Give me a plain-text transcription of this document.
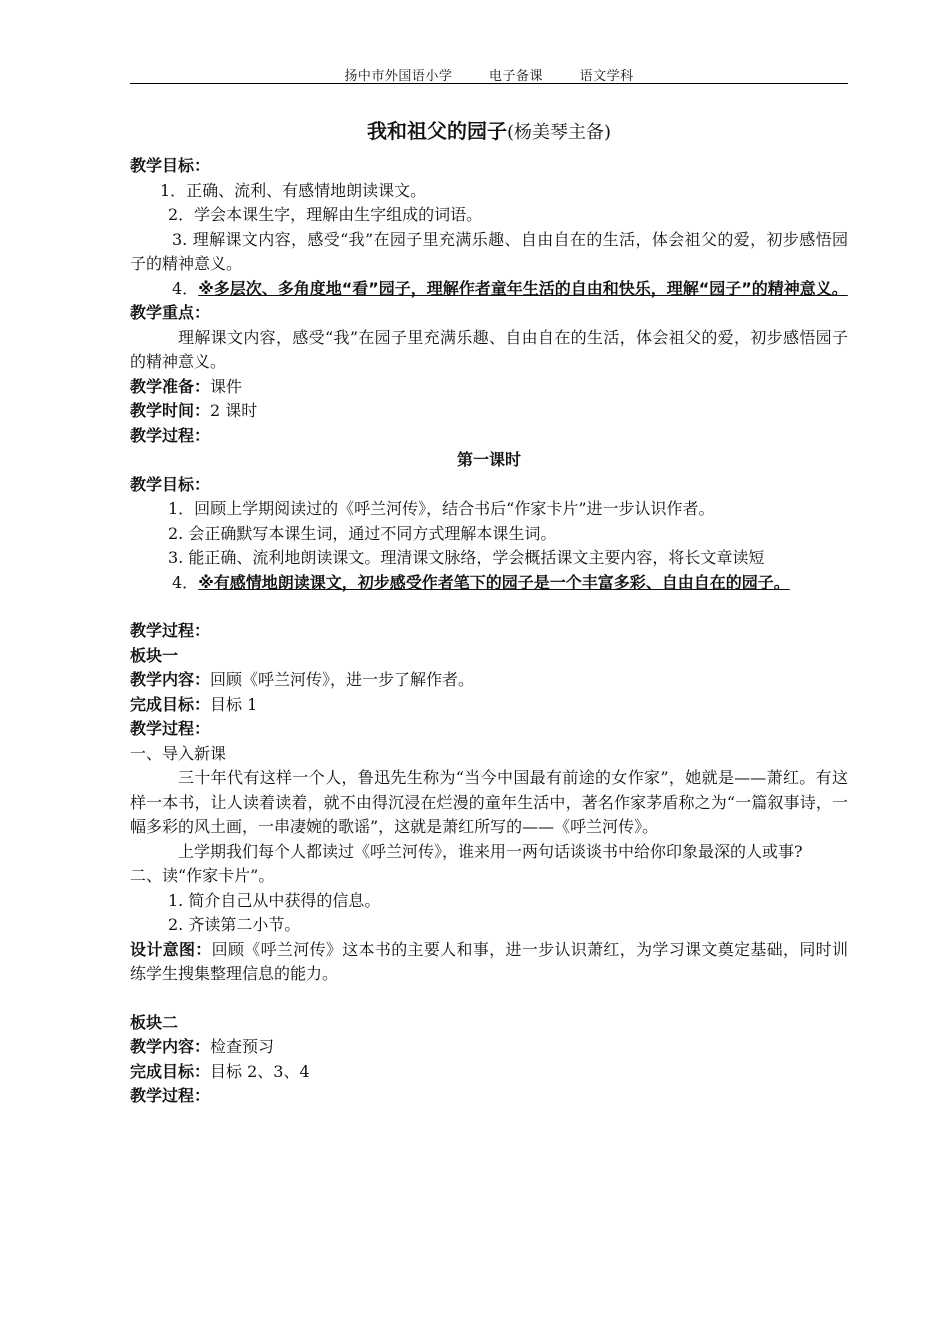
扬中市外国语小学	电子备课	语文学科
我和祖父的园子(杨美琴主备)

教学目标：

1．正确、流利、有感情地朗读课文。

2．学会本课生字，理解由生字组成的词语。

3. 理解课文内容，感受“我”在园子里充满乐趣、自由自在的生活，体会祖父的爱，初步感悟园子的精神意义。

4．※多层次、多角度地“看”园子，理解作者童年生活的自由和快乐，理解“园子”的精神意义。

教学重点：

理解课文内容，感受“我”在园子里充满乐趣、自由自在的生活，体会祖父的爱，初步感悟园子的精神意义。

教学准备：课件

教学时间：2 课时

教学过程：

第一课时

教学目标：

1．回顾上学期阅读过的《呼兰河传》，结合书后“作家卡片”进一步认识作者。

2. 会正确默写本课生词，通过不同方式理解本课生词。

3. 能正确、流利地朗读课文。理清课文脉络，学会概括课文主要内容，将长文章读短

4．※有感情地朗读课文，初步感受作者笔下的园子是一个丰富多彩、自由自在的园子。

教学过程：

板块一

教学内容：回顾《呼兰河传》，进一步了解作者。

完成目标：目标 1

教学过程：

一、导入新课

三十年代有这样一个人，鲁迅先生称为“当今中国最有前途的女作家”，她就是——萧红。有这样一本书，让人读着读着，就不由得沉浸在烂漫的童年生活中，著名作家茅盾称之为“一篇叙事诗，一幅多彩的风土画，一串凄婉的歌谣”，这就是萧红所写的——《呼兰河传》。

上学期我们每个人都读过《呼兰河传》，谁来用一两句话谈谈书中给你印象最深的人或事?

二、读“作家卡片”。

1. 简介自己从中获得的信息。

2. 齐读第二小节。

设计意图：回顾《呼兰河传》这本书的主要人和事，进一步认识萧红，为学习课文奠定基础，同时训练学生搜集整理信息的能力。

板块二

教学内容：检查预习

完成目标：目标 2、3、4

教学过程：
